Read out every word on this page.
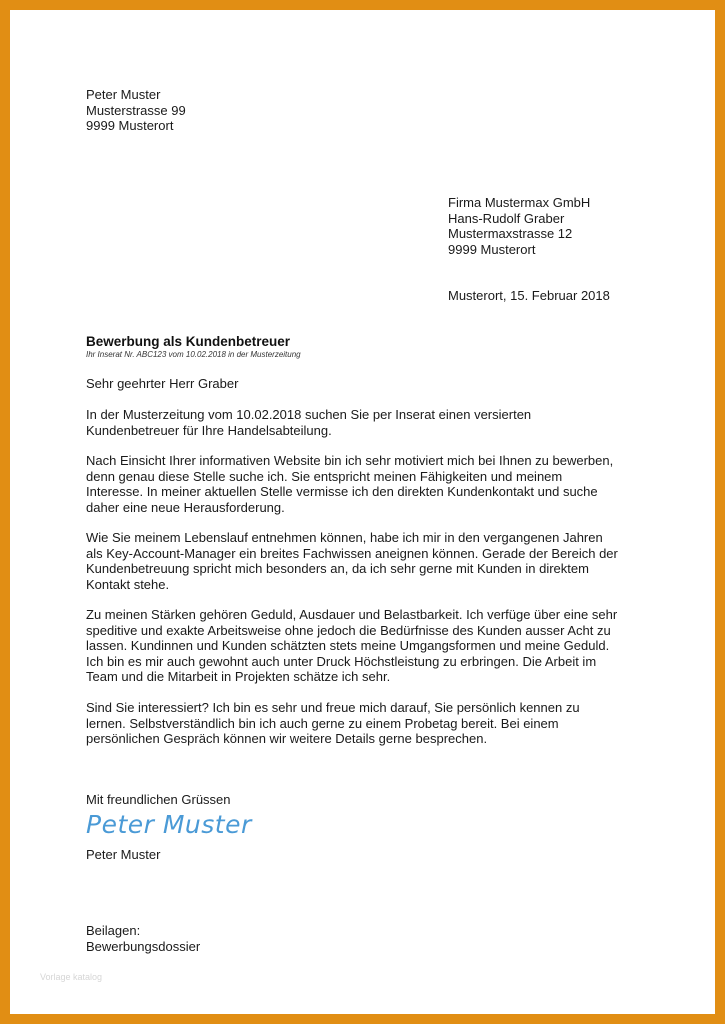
Peter Muster
Musterstrasse 99
9999 Musterort
Firma Mustermax GmbH
Hans-Rudolf Graber
Mustermaxstrasse 12
9999 Musterort
Musterort, 15. Februar 2018
Bewerbung als Kundenbetreuer
Ihr Inserat Nr. ABC123 vom 10.02.2018 in der Musterzeitung
Sehr geehrter Herr Graber
In der Musterzeitung vom 10.02.2018 suchen Sie per Inserat einen versierten
Kundenbetreuer für Ihre Handelsabteilung.
Nach Einsicht Ihrer informativen Website bin ich sehr motiviert mich bei Ihnen zu bewerben,
denn genau diese Stelle suche ich. Sie entspricht meinen Fähigkeiten und meinem
Interesse. In meiner aktuellen Stelle vermisse ich den direkten Kundenkontakt und suche
daher eine neue Herausforderung.
Wie Sie meinem Lebenslauf entnehmen können, habe ich mir in den vergangenen Jahren
als Key-Account-Manager ein breites Fachwissen aneignen können. Gerade der Bereich der
Kundenbetreuung spricht mich besonders an, da ich sehr gerne mit Kunden in direktem
Kontakt stehe.
Zu meinen Stärken gehören Geduld, Ausdauer und Belastbarkeit. Ich verfüge über eine sehr
speditive und exakte Arbeitsweise ohne jedoch die Bedürfnisse des Kunden ausser Acht zu
lassen. Kundinnen und Kunden schätzten stets meine Umgangsformen und meine Geduld.
Ich bin es mir auch gewohnt auch unter Druck Höchstleistung zu erbringen. Die Arbeit im
Team und die Mitarbeit in Projekten schätze ich sehr.
Sind Sie interessiert? Ich bin es sehr und freue mich darauf, Sie persönlich kennen zu
lernen. Selbstverständlich bin ich auch gerne zu einem Probetag bereit. Bei einem
persönlichen Gespräch können wir weitere Details gerne besprechen.
Mit freundlichen Grüssen
Peter Muster
Peter Muster
Beilagen:
Bewerbungsdossier
Vorlage katalog
